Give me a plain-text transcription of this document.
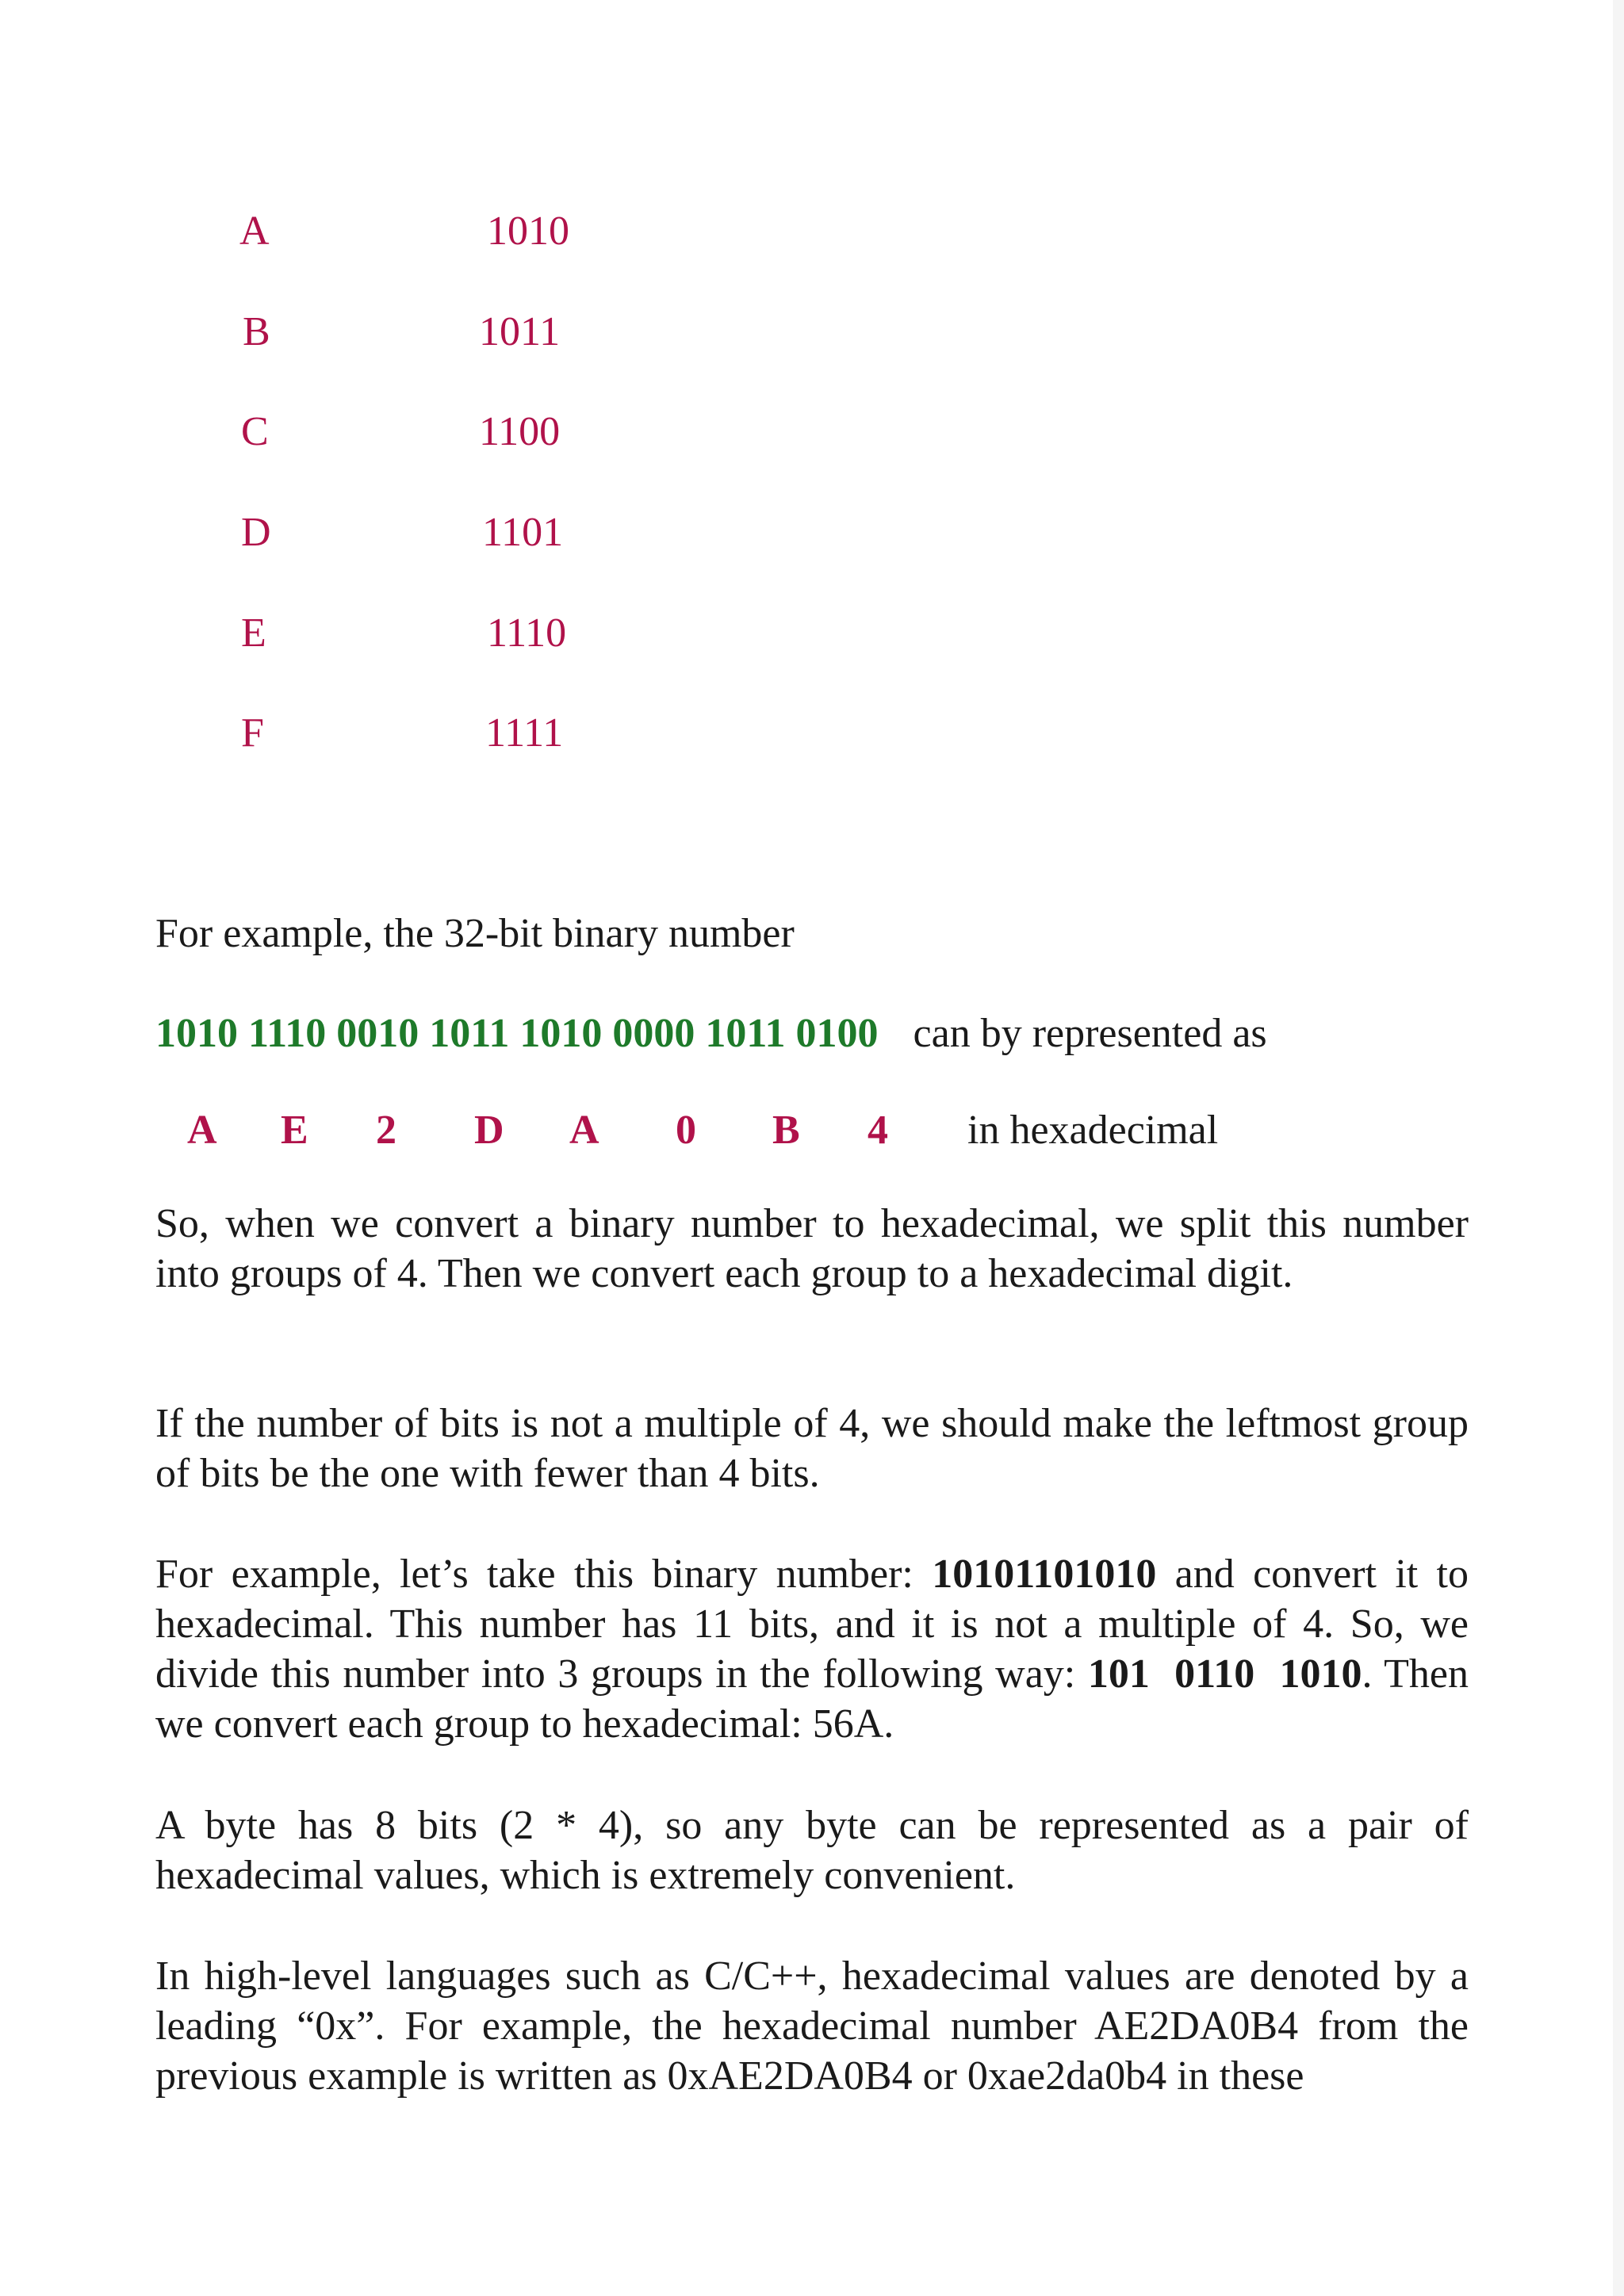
A	1010
B	1011
C	1100
D	1101
E	1110
F	1111
For example, the 32-bit binary number
1010 1110 0010 1011 1010 0000 1011 0100 can by represented as
A E 2 D A 0 B 4 in hexadecimal

So, when we convert a binary number to hexadecimal, we split this number into groups of 4. Then we convert each group to a hexadecimal digit.

If the number of bits is not a multiple of 4, we should make the leftmost group of bits be the one with fewer than 4 bits.

For example, let’s take this binary number: 10101101010 and convert it to hexadecimal. This number has 11 bits, and it is not a multiple of 4. So, we divide this number into 3 groups in the following way: 101  0110  1010. Then we convert each group to hexadecimal: 56A.

A byte has 8 bits (2 * 4), so any byte can be represented as a pair of hexadecimal values, which is extremely convenient.

In high-level languages such as C/C++, hexadecimal values are denoted by a leading “0x”. For example, the hexadecimal number AE2DA0B4 from the previous example is written as 0xAE2DA0B4 or 0xae2da0b4 in these
